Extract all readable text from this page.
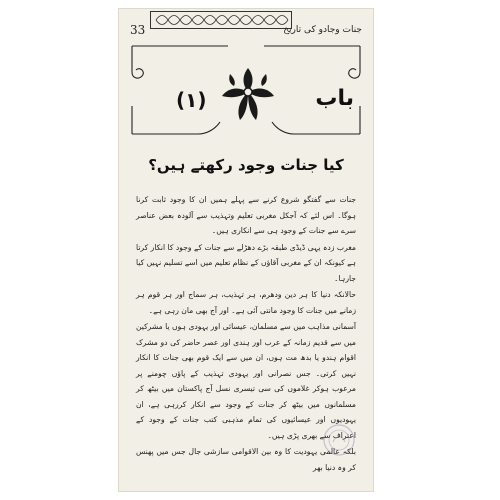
33	جنات وجادو کی تاریخ
باب
(١)
کیا جنات وجود رکھتے ہیں؟

جنات سے گفتگو شروع کرنے سے پہلے ہمیں ان کا وجود ثابت کرنا ہوگا۔ اس لئے کہ آجکل مغربی تعلیم وتہذیب سے آلودہ بعض عناصر سرے سے جنات کے وجود ہی سے انکاری ہیں۔

مغرب زدہ یہی ڈیڈی طبقہ بڑے دھڑلے سے جنات کے وجود کا انکار کرتا ہے کیونکہ ان کے مغربی آقاؤں کے نظام تعلیم میں اسے تسلیم نہیں کیا جارہا۔

حالانکہ دنیا کا ہر دین ودھرم، ہر تہذیب، ہر سماج اور ہر قوم ہر زمانے میں جنات کا وجود مانتی آئی ہے۔ اور آج بھی مان رہی ہے۔

آسمانی مذاہب میں سے مسلمان، عیسائی اور یہودی ہوں یا مشرکین میں سے قدیم زمانہ کے عرب اور ہندی اور عصر حاضر کی دو مشرک اقوام ہندو یا بدھ مت ہوں، ان میں سے ایک قوم بھی جنات کا انکار نہیں کرتی۔ جس نصرانی اور یہودی تہذیب کے پاؤں چومنے پر مرعوب ہوکر غلاموں کی سی تیسری نسل آج پاکستان میں بیٹھ کر مسلمانوں میں بیٹھ کر جنات کے وجود سے انکار کررہی ہے، ان یہودیوں اور عیسائیوں کی تمام مذہبی کتب جنات کے وجود کے اعتراف سے بھری پڑی ہیں۔

بلکہ عالمی یہودیت کا وہ بین الاقوامی سازشی جال جس میں پھنس کر وہ دنیا بھر
